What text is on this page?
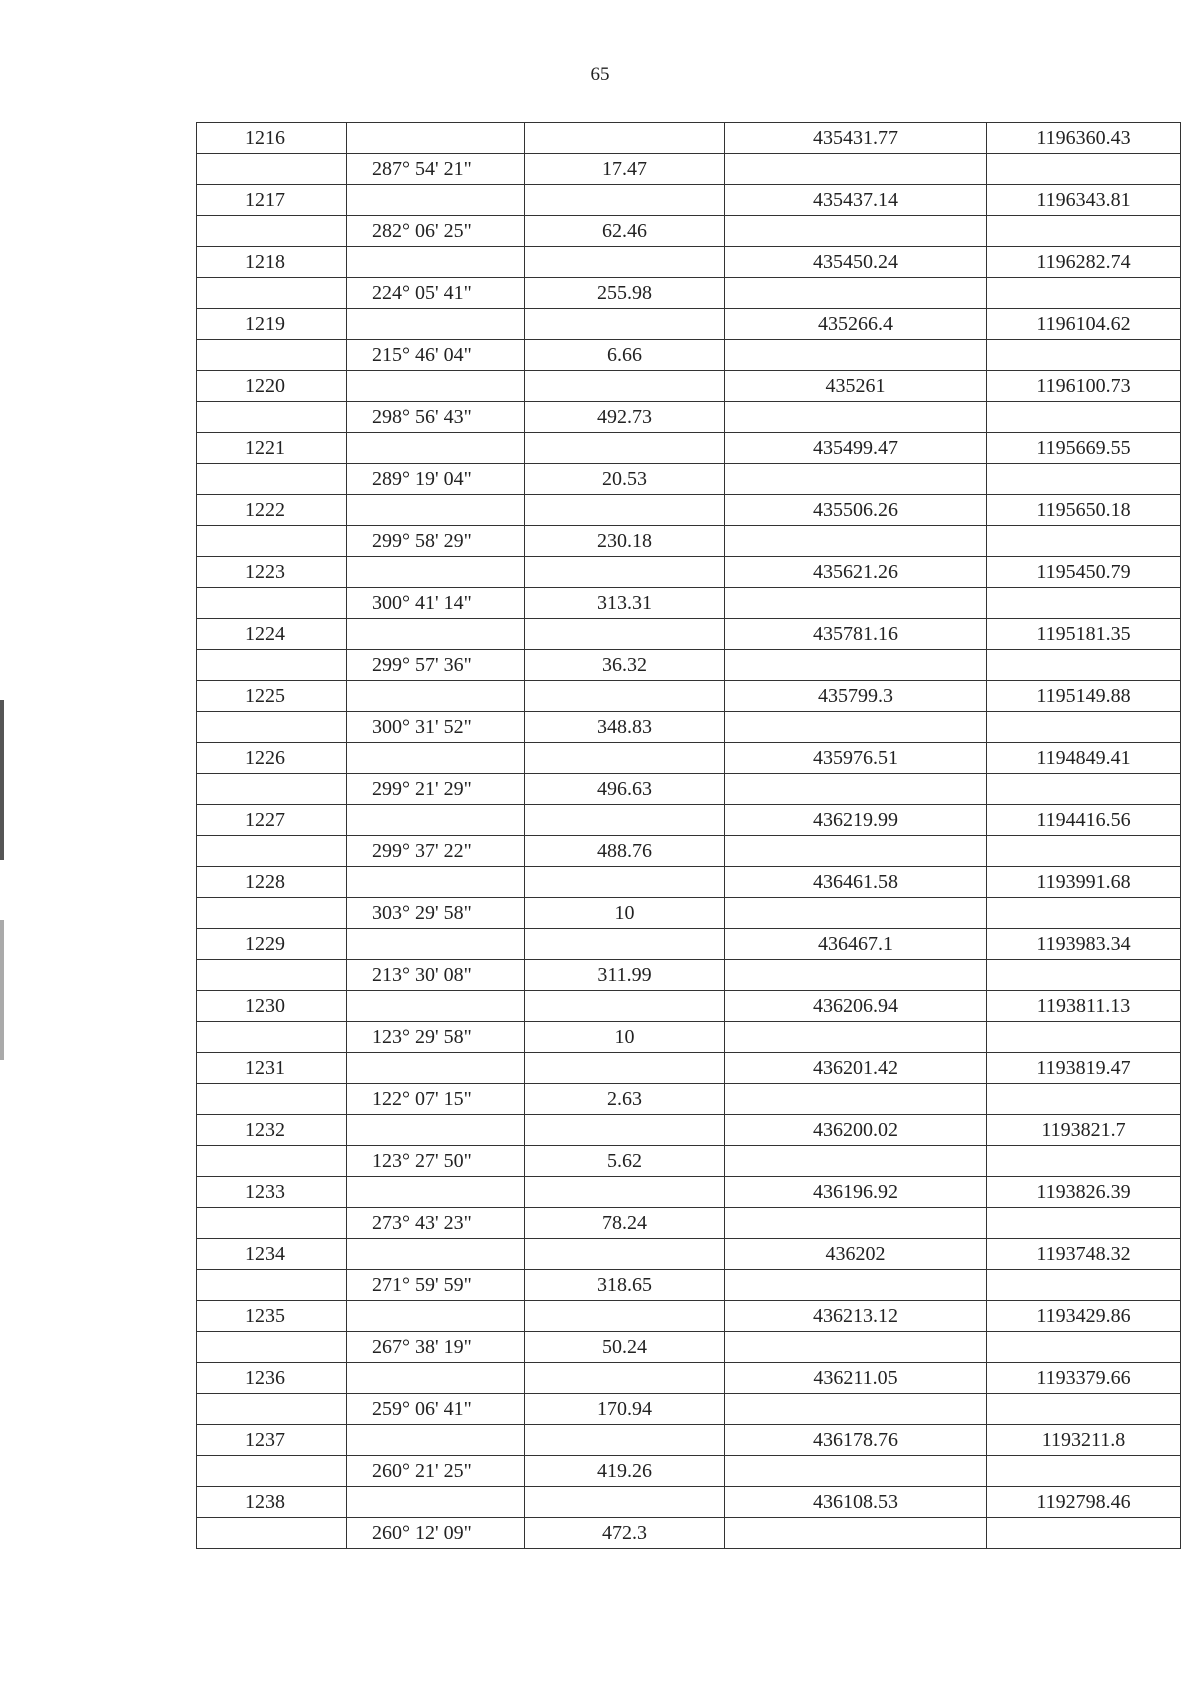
65
1216			435431.77	1196360.43
	287° 54' 21"	17.47		
1217			435437.14	1196343.81
	282° 06' 25"	62.46		
1218			435450.24	1196282.74
	224° 05' 41"	255.98		
1219			435266.4	1196104.62
	215° 46' 04"	6.66		
1220			435261	1196100.73
	298° 56' 43"	492.73		
1221			435499.47	1195669.55
	289° 19' 04"	20.53		
1222			435506.26	1195650.18
	299° 58' 29"	230.18		
1223			435621.26	1195450.79
	300° 41' 14"	313.31		
1224			435781.16	1195181.35
	299° 57' 36"	36.32		
1225			435799.3	1195149.88
	300° 31' 52"	348.83		
1226			435976.51	1194849.41
	299° 21' 29"	496.63		
1227			436219.99	1194416.56
	299° 37' 22"	488.76		
1228			436461.58	1193991.68
	303° 29' 58"	10		
1229			436467.1	1193983.34
	213° 30' 08"	311.99		
1230			436206.94	1193811.13
	123° 29' 58"	10		
1231			436201.42	1193819.47
	122° 07' 15"	2.63		
1232			436200.02	1193821.7
	123° 27' 50"	5.62		
1233			436196.92	1193826.39
	273° 43' 23"	78.24		
1234			436202	1193748.32
	271° 59' 59"	318.65		
1235			436213.12	1193429.86
	267° 38' 19"	50.24		
1236			436211.05	1193379.66
	259° 06' 41"	170.94		
1237			436178.76	1193211.8
	260° 21' 25"	419.26		
1238			436108.53	1192798.46
	260° 12' 09"	472.3		
